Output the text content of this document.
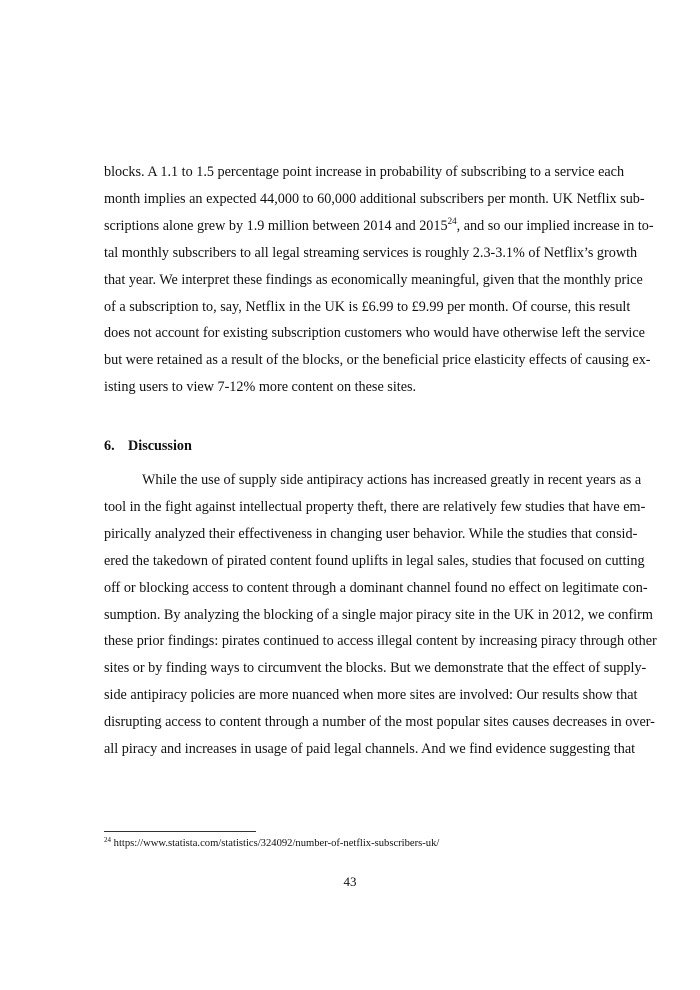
blocks. A 1.1 to 1.5 percentage point increase in probability of subscribing to a service each
month implies an expected 44,000 to 60,000 additional subscribers per month. UK Netflix sub-
scriptions alone grew by 1.9 million between 2014 and 2015$^{24}$, and so our implied increase in to-
tal monthly subscribers to all legal streaming services is roughly 2.3-3.1% of Netflix’s growth
that year. We interpret these findings as economically meaningful, given that the monthly price
of a subscription to, say, Netflix in the UK is £6.99 to £9.99 per month. Of course, this result
does not account for existing subscription customers who would have otherwise left the service
but were retained as a result of the blocks, or the beneficial price elasticity effects of causing ex-
isting users to view 7-12% more content on these sites.
6. Discussion
While the use of supply side antipiracy actions has increased greatly in recent years as a
tool in the fight against intellectual property theft, there are relatively few studies that have em-
pirically analyzed their effectiveness in changing user behavior. While the studies that consid-
ered the takedown of pirated content found uplifts in legal sales, studies that focused on cutting
off or blocking access to content through a dominant channel found no effect on legitimate con-
sumption. By analyzing the blocking of a single major piracy site in the UK in 2012, we confirm
these prior findings: pirates continued to access illegal content by increasing piracy through other
sites or by finding ways to circumvent the blocks. But we demonstrate that the effect of supply-
side antipiracy policies are more nuanced when more sites are involved: Our results show that
disrupting access to content through a number of the most popular sites causes decreases in over-
all piracy and increases in usage of paid legal channels. And we find evidence suggesting that
$^{24}$ https://www.statista.com/statistics/324092/number-of-netflix-subscribers-uk/
43
